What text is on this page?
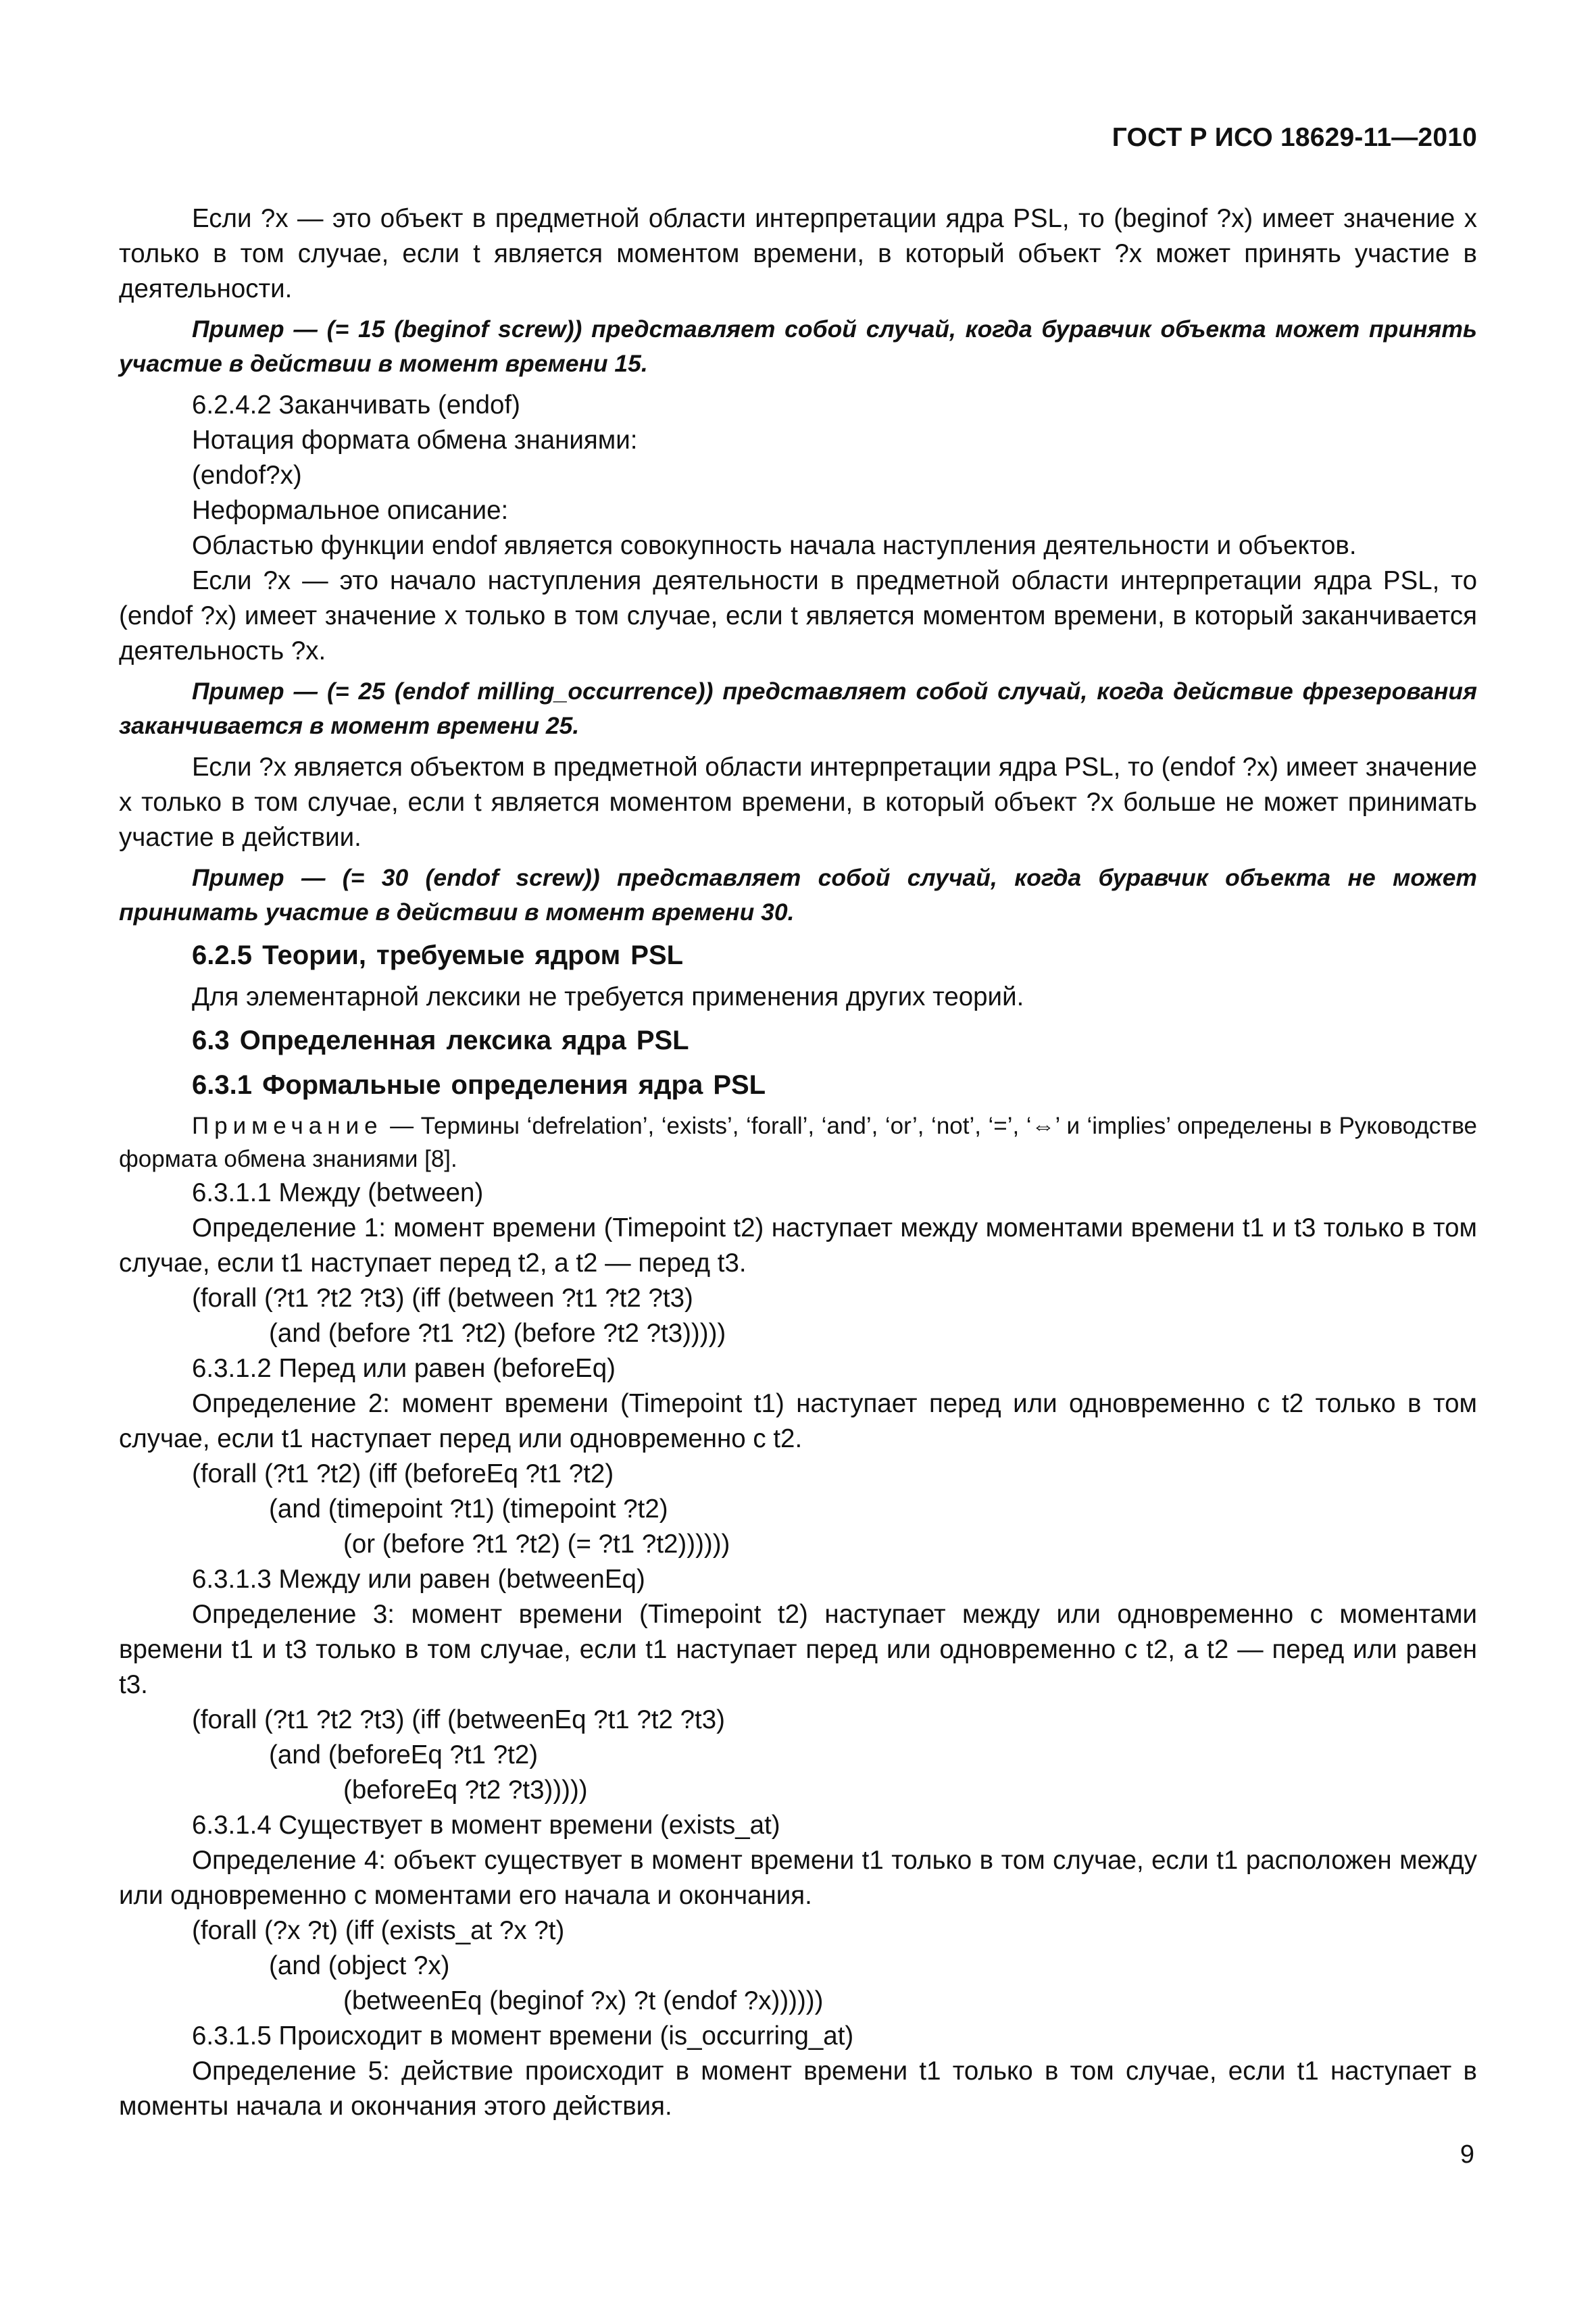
ГОСТ Р ИСО 18629-11—2010

Если ?x — это объект в предметной области интерпретации ядра PSL, то (beginof ?x) имеет значение x только в том случае, если t является моментом времени, в который объект ?x может принять участие в деятельности.

Пример — (= 15 (beginof screw)) представляет собой случай, когда буравчик объекта может принять участие в действии в момент времени 15.

6.2.4.2 Заканчивать (endof)

Нотация формата обмена знаниями:

(endof?x)

Неформальное описание:

Областью функции endof является совокупность начала наступления деятельности и объектов.

Если ?x — это начало наступления деятельности в предметной области интерпретации ядра PSL, то (endof ?x) имеет значение x только в том случае, если t является моментом времени, в который заканчивается деятельность ?x.

Пример — (= 25 (endof milling_occurrence)) представляет собой случай, когда действие фрезерования заканчивается в момент времени 25.

Если ?x является объектом в предметной области интерпретации ядра PSL, то (endof ?x) имеет значение x только в том случае, если t является моментом времени, в который объект ?x больше не может принимать участие в действии.

Пример — (= 30 (endof screw)) представляет собой случай, когда буравчик объекта не может принимать участие в действии в момент времени 30.

6.2.5 Теории, требуемые ядром PSL

Для элементарной лексики не требуется применения других теорий.

6.3 Определенная лексика ядра PSL
6.3.1 Формальные определения ядра PSL

Примечание — Термины ‘defrelation’, ‘exists’, ‘forall’, ‘and’, ‘or’, ‘not’, ‘=’, ‘⇔’ и ‘implies’ определены в Руководстве формата обмена знаниями [8].

6.3.1.1 Между (between)

Определение 1: момент времени (Timepoint t2) наступает между моментами времени t1 и t3 только в том случае, если t1 наступает перед t2, а t2 — перед t3.

(forall (?t1 ?t2 ?t3) (iff (between ?t1 ?t2 ?t3)

(and (before ?t1 ?t2) (before ?t2 ?t3)))))

6.3.1.2 Перед или равен (beforeEq)

Определение 2: момент времени (Timepoint t1) наступает перед или одновременно с t2 только в том случае, если t1 наступает перед или одновременно с t2.

(forall (?t1 ?t2) (iff (beforeEq ?t1 ?t2)

(and (timepoint ?t1) (timepoint ?t2)

(or (before ?t1 ?t2) (= ?t1 ?t2))))))

6.3.1.3 Между или равен (betweenEq)

Определение 3: момент времени (Timepoint t2) наступает между или одновременно с моментами времени t1 и t3 только в том случае, если t1 наступает перед или одновременно с t2, а t2 — перед или равен t3.

(forall (?t1 ?t2 ?t3) (iff (betweenEq ?t1 ?t2 ?t3)

(and (beforeEq ?t1 ?t2)

(beforeEq ?t2 ?t3)))))

6.3.1.4 Существует в момент времени (exists_at)

Определение 4: объект существует в момент времени t1 только в том случае, если t1 расположен между или одновременно с моментами его начала и окончания.

(forall (?x ?t) (iff (exists_at ?x ?t)

(and (object ?x)

(betweenEq (beginof ?x) ?t (endof ?x))))))

6.3.1.5 Происходит в момент времени (is_occurring_at)

Определение 5: действие происходит в момент времени t1 только в том случае, если t1 наступает в моменты начала и окончания этого действия.

9
